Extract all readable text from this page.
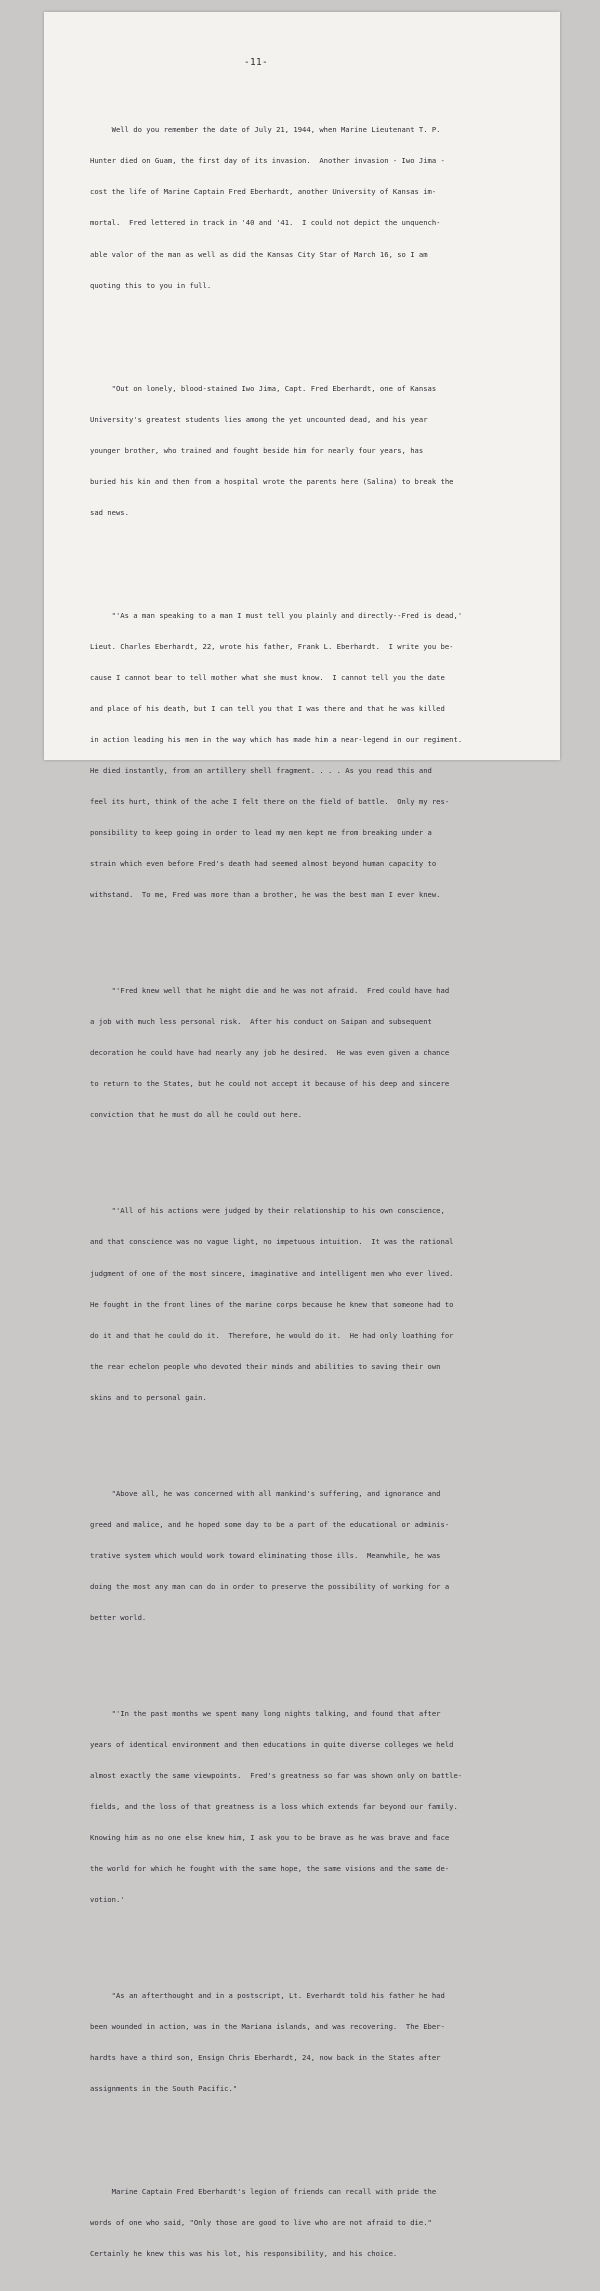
-11-

Well do you remember the date of July 21, 1944, when Marine Lieutenant T. P.

Hunter died on Guam, the first day of its invasion.  Another invasion - Iwo Jima -

cost the life of Marine Captain Fred Eberhardt, another University of Kansas im-

mortal.  Fred lettered in track in '40 and '41.  I could not depict the unquench-

able valor of the man as well as did the Kansas City Star of March 16, so I am

quoting this to you in full.

"Out on lonely, blood-stained Iwo Jima, Capt. Fred Eberhardt, one of Kansas

University's greatest students lies among the yet uncounted dead, and his year

younger brother, who trained and fought beside him for nearly four years, has

buried his kin and then from a hospital wrote the parents here (Salina) to break the

sad news.

"'As a man speaking to a man I must tell you plainly and directly--Fred is dead,'

Lieut. Charles Eberhardt, 22, wrote his father, Frank L. Eberhardt.  I write you be-

cause I cannot bear to tell mother what she must know.  I cannot tell you the date

and place of his death, but I can tell you that I was there and that he was killed

in action leading his men in the way which has made him a near-legend in our regiment.

He died instantly, from an artillery shell fragment. . . . As you read this and

feel its hurt, think of the ache I felt there on the field of battle.  Only my res-

ponsibility to keep going in order to lead my men kept me from breaking under a

strain which even before Fred's death had seemed almost beyond human capacity to

withstand.  To me, Fred was more than a brother, he was the best man I ever knew.

"'Fred knew well that he might die and he was not afraid.  Fred could have had

a job with much less personal risk.  After his conduct on Saipan and subsequent

decoration he could have had nearly any job he desired.  He was even given a chance

to return to the States, but he could not accept it because of his deep and sincere

conviction that he must do all he could out here.

"'All of his actions were judged by their relationship to his own conscience,

and that conscience was no vague light, no impetuous intuition.  It was the rational

judgment of one of the most sincere, imaginative and intelligent men who ever lived.

He fought in the front lines of the marine corps because he knew that someone had to

do it and that he could do it.  Therefore, he would do it.  He had only loathing for

the rear echelon people who devoted their minds and abilities to saving their own

skins and to personal gain.

"Above all, he was concerned with all mankind's suffering, and ignorance and

greed and malice, and he hoped some day to be a part of the educational or adminis-

trative system which would work toward eliminating those ills.  Meanwhile, he was

doing the most any man can do in order to preserve the possibility of working for a

better world.

"'In the past months we spent many long nights talking, and found that after

years of identical environment and then educations in quite diverse colleges we held

almost exactly the same viewpoints.  Fred's greatness so far was shown only on battle-

fields, and the loss of that greatness is a loss which extends far beyond our family.

Knowing him as no one else knew him, I ask you to be brave as he was brave and face

the world for which he fought with the same hope, the same visions and the same de-

votion.'

"As an afterthought and in a postscript, Lt. Everhardt told his father he had

been wounded in action, was in the Mariana islands, and was recovering.  The Eber-

hardts have a third son, Ensign Chris Eberhardt, 24, now back in the States after

assignments in the South Pacific."

Marine Captain Fred Eberhardt's legion of friends can recall with pride the

words of one who said, "Only those are good to live who are not afraid to die."

Certainly he knew this was his lot, his responsibility, and his choice.
